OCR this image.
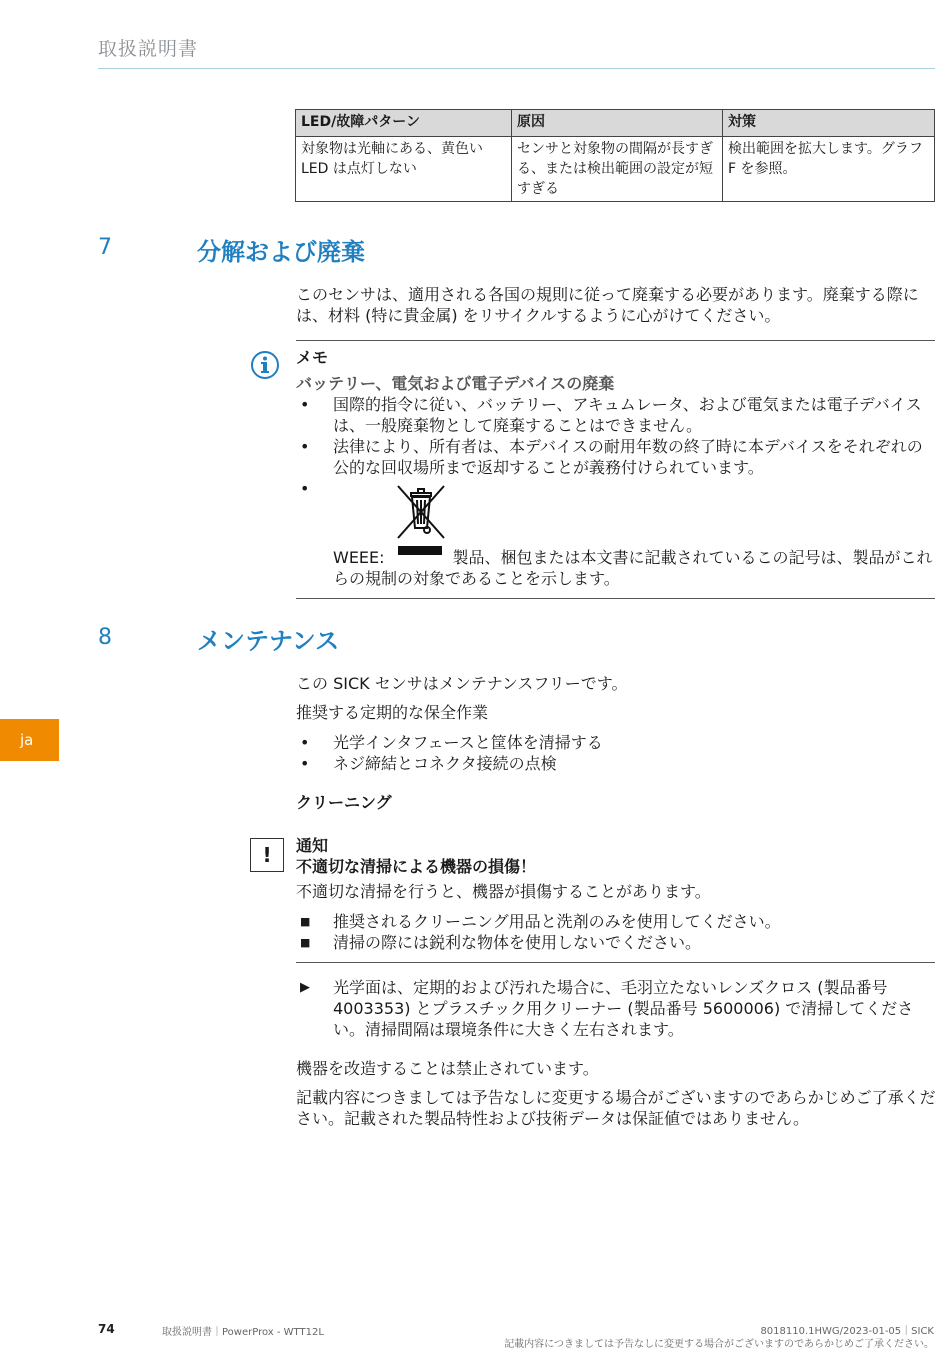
取扱説明書
LED/故障パターン	原因	対策
対象物は光軸にある、黄色い LED は点灯しない	センサと対象物の間隔が長すぎる、または検出範囲の設定が短すぎる	検出範囲を拡大します。グラフ F を参照。
7	分解および廃棄
このセンサは、適用される各国の規則に従って廃棄する必要があります。廃棄する際には、材料 (特に貴金属) をリサイクルするように心がけてください。
メモ
バッテリー、電気および電子デバイスの廃棄
• 国際的指令に従い、バッテリー、アキュムレータ、および電気または電子デバイスは、一般廃棄物として廃棄することはできません。
• 法律により、所有者は、本デバイスの耐用年数の終了時に本デバイスをそれぞれの公的な回収場所まで返却することが義務付けられています。
•
WEEE:	製品、梱包または本文書に記載されているこの記号は、製品がこれらの規制の対象であることを示します。
8	メンテナンス
この SICK センサはメンテナンスフリーです。
推奨する定期的な保全作業
• 光学インタフェースと筐体を清掃する
• ネジ締結とコネクタ接続の点検
クリーニング
!	通知
不適切な清掃による機器の損傷！
不適切な清掃を行うと、機器が損傷することがあります。
■ 推奨されるクリーニング用品と洗剤のみを使用してください。
■ 清掃の際には鋭利な物体を使用しないでください。
▶ 光学面は、定期的および汚れた場合に、毛羽立たないレンズクロス (製品番号 4003353) とプラスチック用クリーナー (製品番号 5600006) で清掃してください。清掃間隔は環境条件に大きく左右されます。
機器を改造することは禁止されています。
記載内容につきましては予告なしに変更する場合がございますのであらかじめご了承ください。記載された製品特性および技術データは保証値ではありません。
ja
74	取扱説明書｜PowerProx - WTT12L	8018110.1HWG/2023-01-05｜SICK
記載内容につきましては予告なしに変更する場合がございますのであらかじめご了承ください。
